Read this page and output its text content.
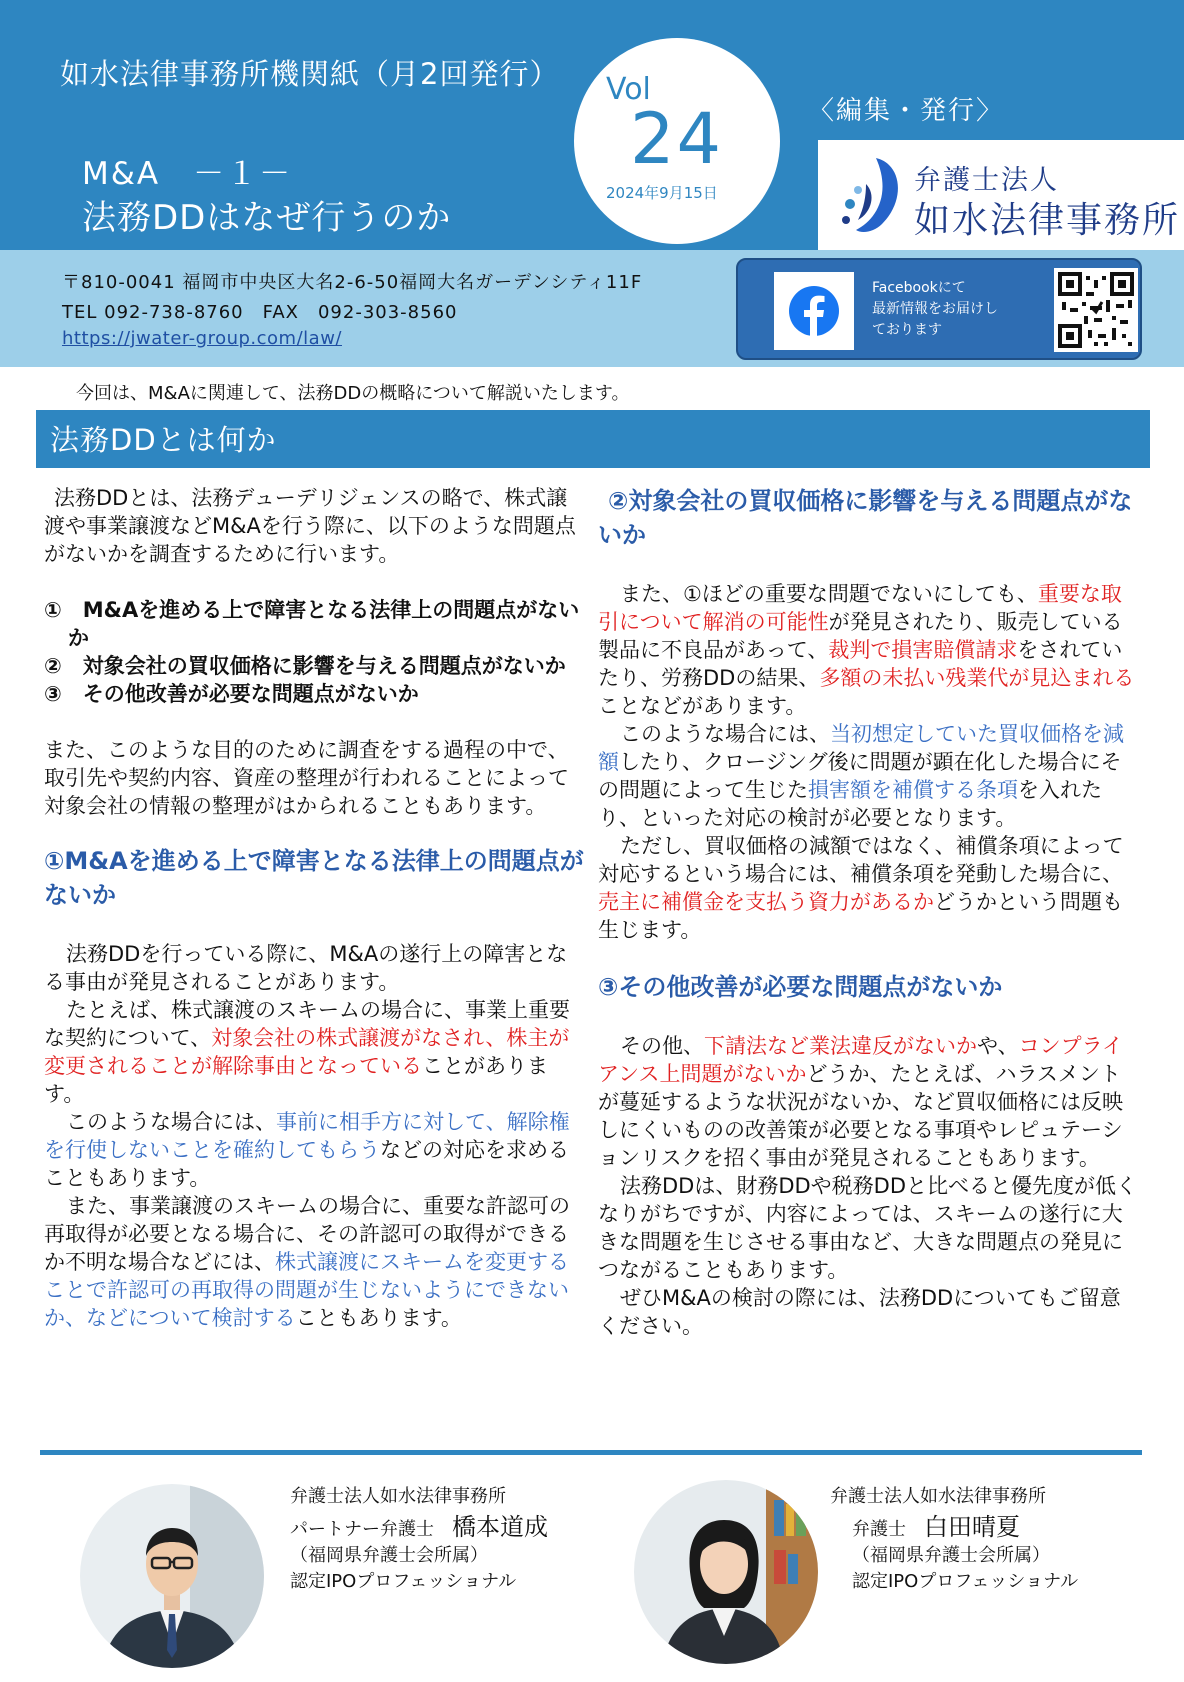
如水法律事務所機関紙（月2回発行）
M&A　－１－
法務DDはなぜ行うのか
Vol
24
2024年9月15日
〈編集・発行〉
弁護士法人
如水法律事務所
〒810-0041 福岡市中央区大名2-6-50福岡大名ガーデンシティ11F
TEL 092-738-8760　FAX　092-303-8560
https://jwater-group.com/law/
Facebookにて
最新情報をお届けし
ております
今回は、M&Aに関連して、法務DDの概略について解説いたします。
法務DDとは何か

法務DDとは、法務デューデリジェンスの略で、株式譲渡や事業譲渡などM&Aを行う際に、以下のような問題点がないかを調査するために行います。

①　M&Aを進める上で障害となる法律上の問題点がないか

②　対象会社の買収価格に影響を与える問題点がないか

③　その他改善が必要な問題点がないか

また、このような目的のために調査をする過程の中で、取引先や契約内容、資産の整理が行われることによって対象会社の情報の整理がはかられることもあります。

①M&Aを進める上で障害となる法律上の問題点がないか

法務DDを行っている際に、M&Aの遂行上の障害となる事由が発見されることがあります。

たとえば、株式譲渡のスキームの場合に、事業上重要な契約について、対象会社の株式譲渡がなされ、株主が変更されることが解除事由となっていることがあります。

このような場合には、事前に相手方に対して、解除権を行使しないことを確約してもらうなどの対応を求めることもあります。

また、事業譲渡のスキームの場合に、重要な許認可の再取得が必要となる場合に、その許認可の取得ができるか不明な場合などには、株式譲渡にスキームを変更することで許認可の再取得の問題が生じないようにできないか、などについて検討することもあります。

②対象会社の買収価格に影響を与える問題点がないか

また、①ほどの重要な問題でないにしても、重要な取引について解消の可能性が発見されたり、販売している製品に不良品があって、裁判で損害賠償請求をされていたり、労務DDの結果、多額の未払い残業代が見込まれることなどがあります。

このような場合には、当初想定していた買収価格を減額したり、クロージング後に問題が顕在化した場合にその問題によって生じた損害額を補償する条項を入れたり、といった対応の検討が必要となります。

ただし、買収価格の減額ではなく、補償条項によって対応するという場合には、補償条項を発動した場合に、売主に補償金を支払う資力があるかどうかという問題も生じます。

③その他改善が必要な問題点がないか

その他、下請法など業法違反がないかや、コンプライアンス上問題がないかどうか、たとえば、ハラスメントが蔓延するような状況がないか、など買収価格には反映しにくいものの改善策が必要となる事項やレピュテーションリスクを招く事由が発見されることもあります。

法務DDは、財務DDや税務DDと比べると優先度が低くなりがちですが、内容によっては、スキームの遂行に大きな問題を生じさせる事由など、大きな問題点の発見につながることもあります。

ぜひM&Aの検討の際には、法務DDについてもご留意ください。

弁護士法人如水法律事務所
パートナー弁護士　 橋本道成
（福岡県弁護士会所属）
認定IPOプロフェッショナル
弁護士法人如水法律事務所
弁護士　 白田晴夏
（福岡県弁護士会所属）
認定IPOプロフェッショナル
